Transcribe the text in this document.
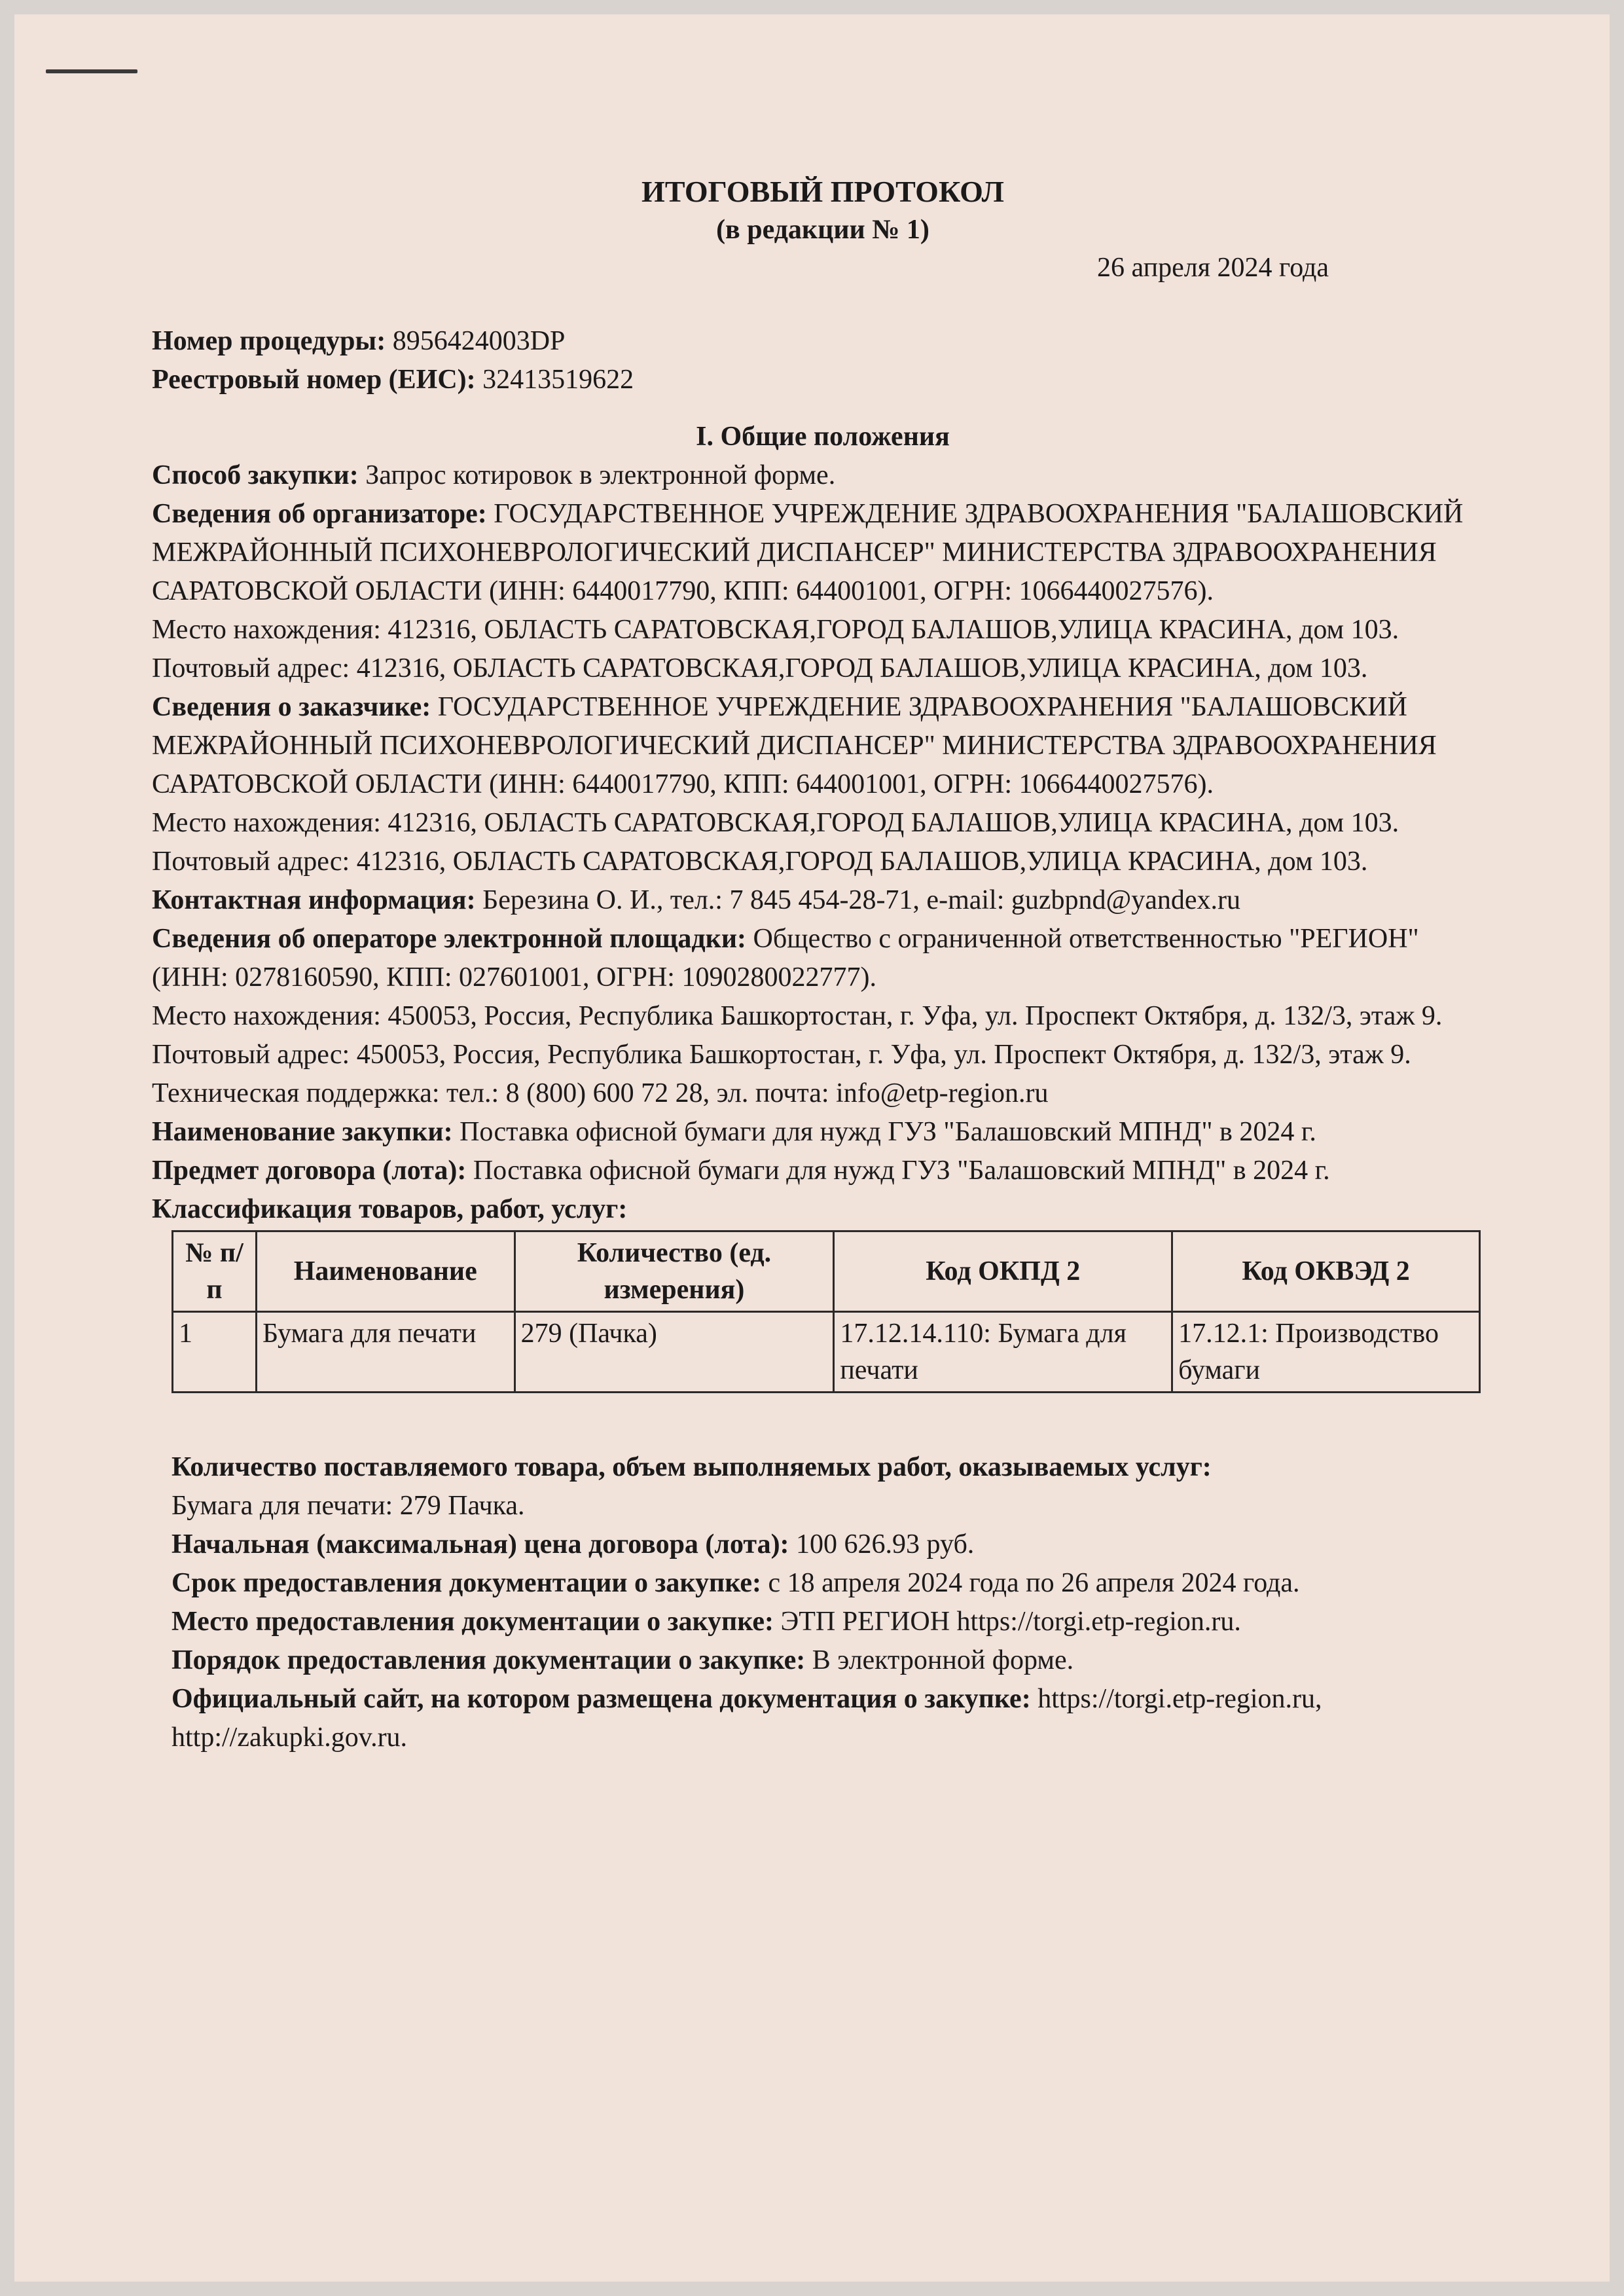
ИТОГОВЫЙ ПРОТОКОЛ
(в редакции № 1)
26 апреля 2024 года

Номер процедуры: 8956424003DP

Реестровый номер (ЕИС): 32413519622

I. Общие положения

Способ закупки: Запрос котировок в электронной форме.

Сведения об организаторе: ГОСУДАРСТВЕННОЕ УЧРЕЖДЕНИЕ ЗДРАВООХРАНЕНИЯ "БАЛАШОВСКИЙ МЕЖРАЙОННЫЙ ПСИХОНЕВРОЛОГИЧЕСКИЙ ДИСПАНСЕР" МИНИСТЕРСТВА ЗДРАВООХРАНЕНИЯ САРАТОВСКОЙ ОБЛАСТИ (ИНН: 6440017790, КПП: 644001001, ОГРН: 1066440027576).

Место нахождения: 412316, ОБЛАСТЬ САРАТОВСКАЯ,ГОРОД БАЛАШОВ,УЛИЦА КРАСИНА, дом 103.

Почтовый адрес: 412316, ОБЛАСТЬ САРАТОВСКАЯ,ГОРОД БАЛАШОВ,УЛИЦА КРАСИНА, дом 103.

Сведения о заказчике: ГОСУДАРСТВЕННОЕ УЧРЕЖДЕНИЕ ЗДРАВООХРАНЕНИЯ "БАЛАШОВСКИЙ МЕЖРАЙОННЫЙ ПСИХОНЕВРОЛОГИЧЕСКИЙ ДИСПАНСЕР" МИНИСТЕРСТВА ЗДРАВООХРАНЕНИЯ САРАТОВСКОЙ ОБЛАСТИ (ИНН: 6440017790, КПП: 644001001, ОГРН: 1066440027576).

Место нахождения: 412316, ОБЛАСТЬ САРАТОВСКАЯ,ГОРОД БАЛАШОВ,УЛИЦА КРАСИНА, дом 103.

Почтовый адрес: 412316, ОБЛАСТЬ САРАТОВСКАЯ,ГОРОД БАЛАШОВ,УЛИЦА КРАСИНА, дом 103.

Контактная информация: Березина О. И., тел.: 7 845 454-28-71, e-mail: guzbpnd@yandex.ru

Сведения об операторе электронной площадки: Общество с ограниченной ответственностью "РЕГИОН" (ИНН: 0278160590, КПП: 027601001, ОГРН: 1090280022777).

Место нахождения: 450053, Россия, Республика Башкортостан, г. Уфа, ул. Проспект Октября, д. 132/3, этаж 9.

Почтовый адрес: 450053, Россия, Республика Башкортостан, г. Уфа, ул. Проспект Октября, д. 132/3, этаж 9.

Техническая поддержка: тел.: 8 (800) 600 72 28, эл. почта: info@etp-region.ru

Наименование закупки: Поставка офисной бумаги для нужд ГУЗ "Балашовский МПНД" в 2024 г.

Предмет договора (лота): Поставка офисной бумаги для нужд ГУЗ "Балашовский МПНД" в 2024 г.

Классификация товаров, работ, услуг:

№ п/п	Наименование	Количество (ед. измерения)	Код ОКПД 2	Код ОКВЭД 2
1	Бумага для печати	279 (Пачка)	17.12.14.110: Бумага для печати	17.12.1: Производство бумаги

Количество поставляемого товара, объем выполняемых работ, оказываемых услуг:

Бумага для печати: 279 Пачка.

Начальная (максимальная) цена договора (лота): 100 626.93 руб.

Срок предоставления документации о закупке: с 18 апреля 2024 года по 26 апреля 2024 года.

Место предоставления документации о закупке: ЭТП РЕГИОН https://torgi.etp-region.ru.

Порядок предоставления документации о закупке: В электронной форме.

Официальный сайт, на котором размещена документация о закупке: https://torgi.etp-region.ru, http://zakupki.gov.ru.
